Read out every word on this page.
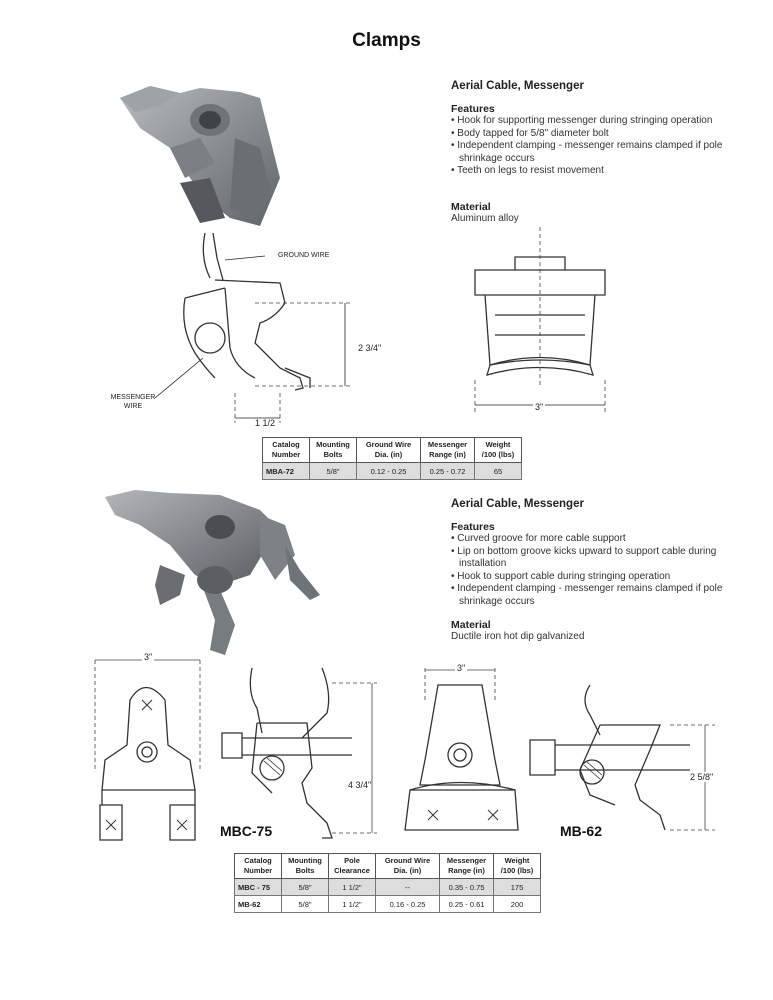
Clamps
Aerial Cable, Messenger
Features
• Hook for supporting messenger during stringing operation
• Body tapped for 5/8" diameter bolt
• Independent clamping - messenger remains clamped if pole shrinkage occurs
• Teeth on legs to resist movement
Material
Aluminum alloy
GROUND WIRE
MESSENGER WIRE
2 3/4"
1 1/2
3"
Catalog Number	Mounting Bolts	Ground Wire Dia. (in)	Messenger Range (in)	Weight /100 (lbs)
MBA-72	5/8"	0.12 - 0.25	0.25 - 0.72	65
Aerial Cable, Messenger
Features
• Curved groove for more cable support
• Lip on bottom groove kicks upward to support cable during installation
• Hook to support cable during stringing operation
• Independent clamping - messenger remains clamped if pole shrinkage occurs
Material
Ductile iron hot dip galvanized
3"
4 3/4"
MBC-75
3"
2 5/8"
MB-62
Catalog Number	Mounting Bolts	Pole Clearance	Ground Wire Dia. (in)	Messenger Range (in)	Weight /100 (lbs)
MBC - 75	5/8"	1 1/2"	--	0.35 - 0.75	175
MB-62	5/8"	1 1/2"	0.16 - 0.25	0.25 - 0.61	200
